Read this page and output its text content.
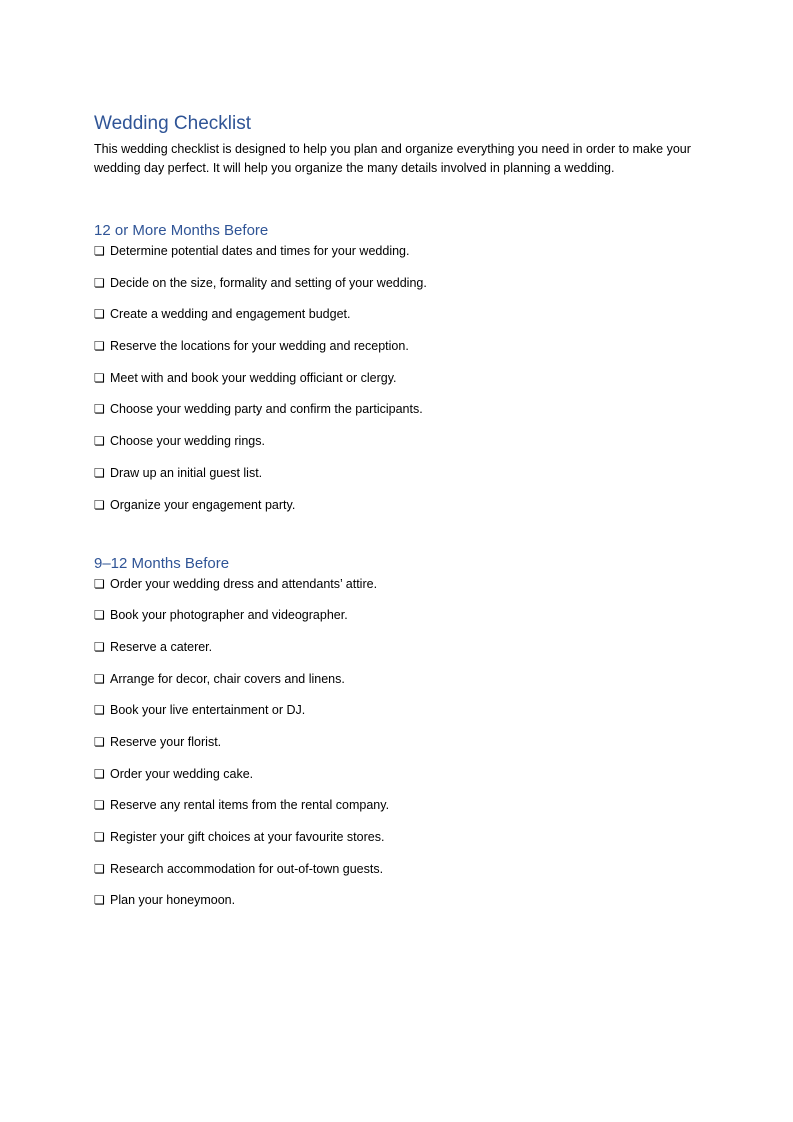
Wedding Checklist

This wedding checklist is designed to help you plan and organize everything you need in order to make your wedding day perfect. It will help you organize the many details involved in planning a wedding.

12 or More Months Before
❏ Determine potential dates and times for your wedding.
❏ Decide on the size, formality and setting of your wedding.
❏ Create a wedding and engagement budget.
❏ Reserve the locations for your wedding and reception.
❏ Meet with and book your wedding officiant or clergy.
❏ Choose your wedding party and confirm the participants.
❏ Choose your wedding rings.
❏ Draw up an initial guest list.
❏ Organize your engagement party.
9–12 Months Before
❏ Order your wedding dress and attendants’ attire.
❏ Book your photographer and videographer.
❏ Reserve a caterer.
❏ Arrange for decor, chair covers and linens.
❏ Book your live entertainment or DJ.
❏ Reserve your florist.
❏ Order your wedding cake.
❏ Reserve any rental items from the rental company.
❏ Register your gift choices at your favourite stores.
❏ Research accommodation for out-of-town guests.
❏ Plan your honeymoon.
